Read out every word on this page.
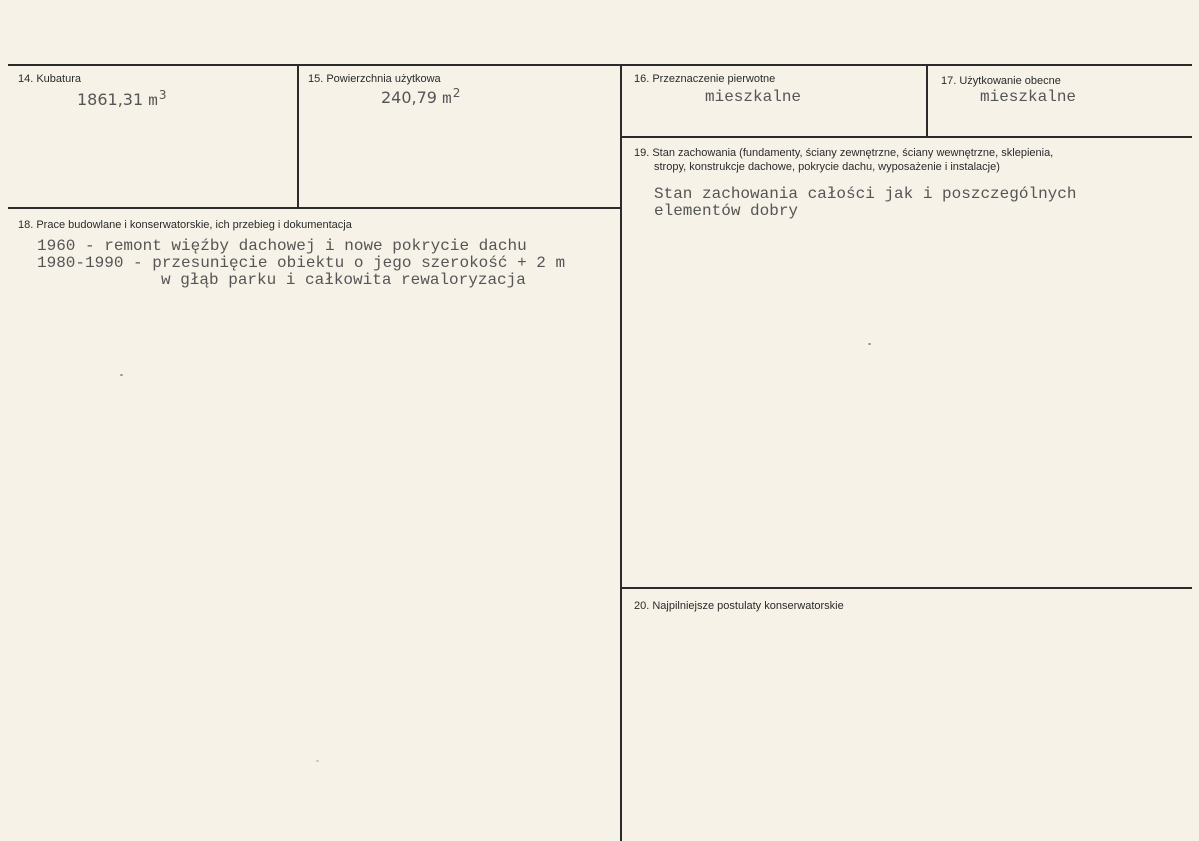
14. Kubatura
1861,31 $m^3$
15. Powierzchnia użytkowa
240,79 $m^2$
16. Przeznaczenie pierwotne
mieszkalne
17. Użytkowanie obecne
mieszkalne
18. Prace budowlane i konserwatorskie, ich przebieg i dokumentacja
1960 - remont więźby dachowej i nowe pokrycie dachu
1980-1990 - przesunięcie obiektu o jego szerokość + 2 m
w głąb parku i całkowita rewaloryzacja
19. Stan zachowania (fundamenty, ściany zewnętrzne, ściany wewnętrzne, sklepienia,
stropy, konstrukcje dachowe, pokrycie dachu, wyposażenie i instalacje)
Stan zachowania całości jak i poszczególnych
elementów dobry
20. Najpilniejsze postulaty konserwatorskie
